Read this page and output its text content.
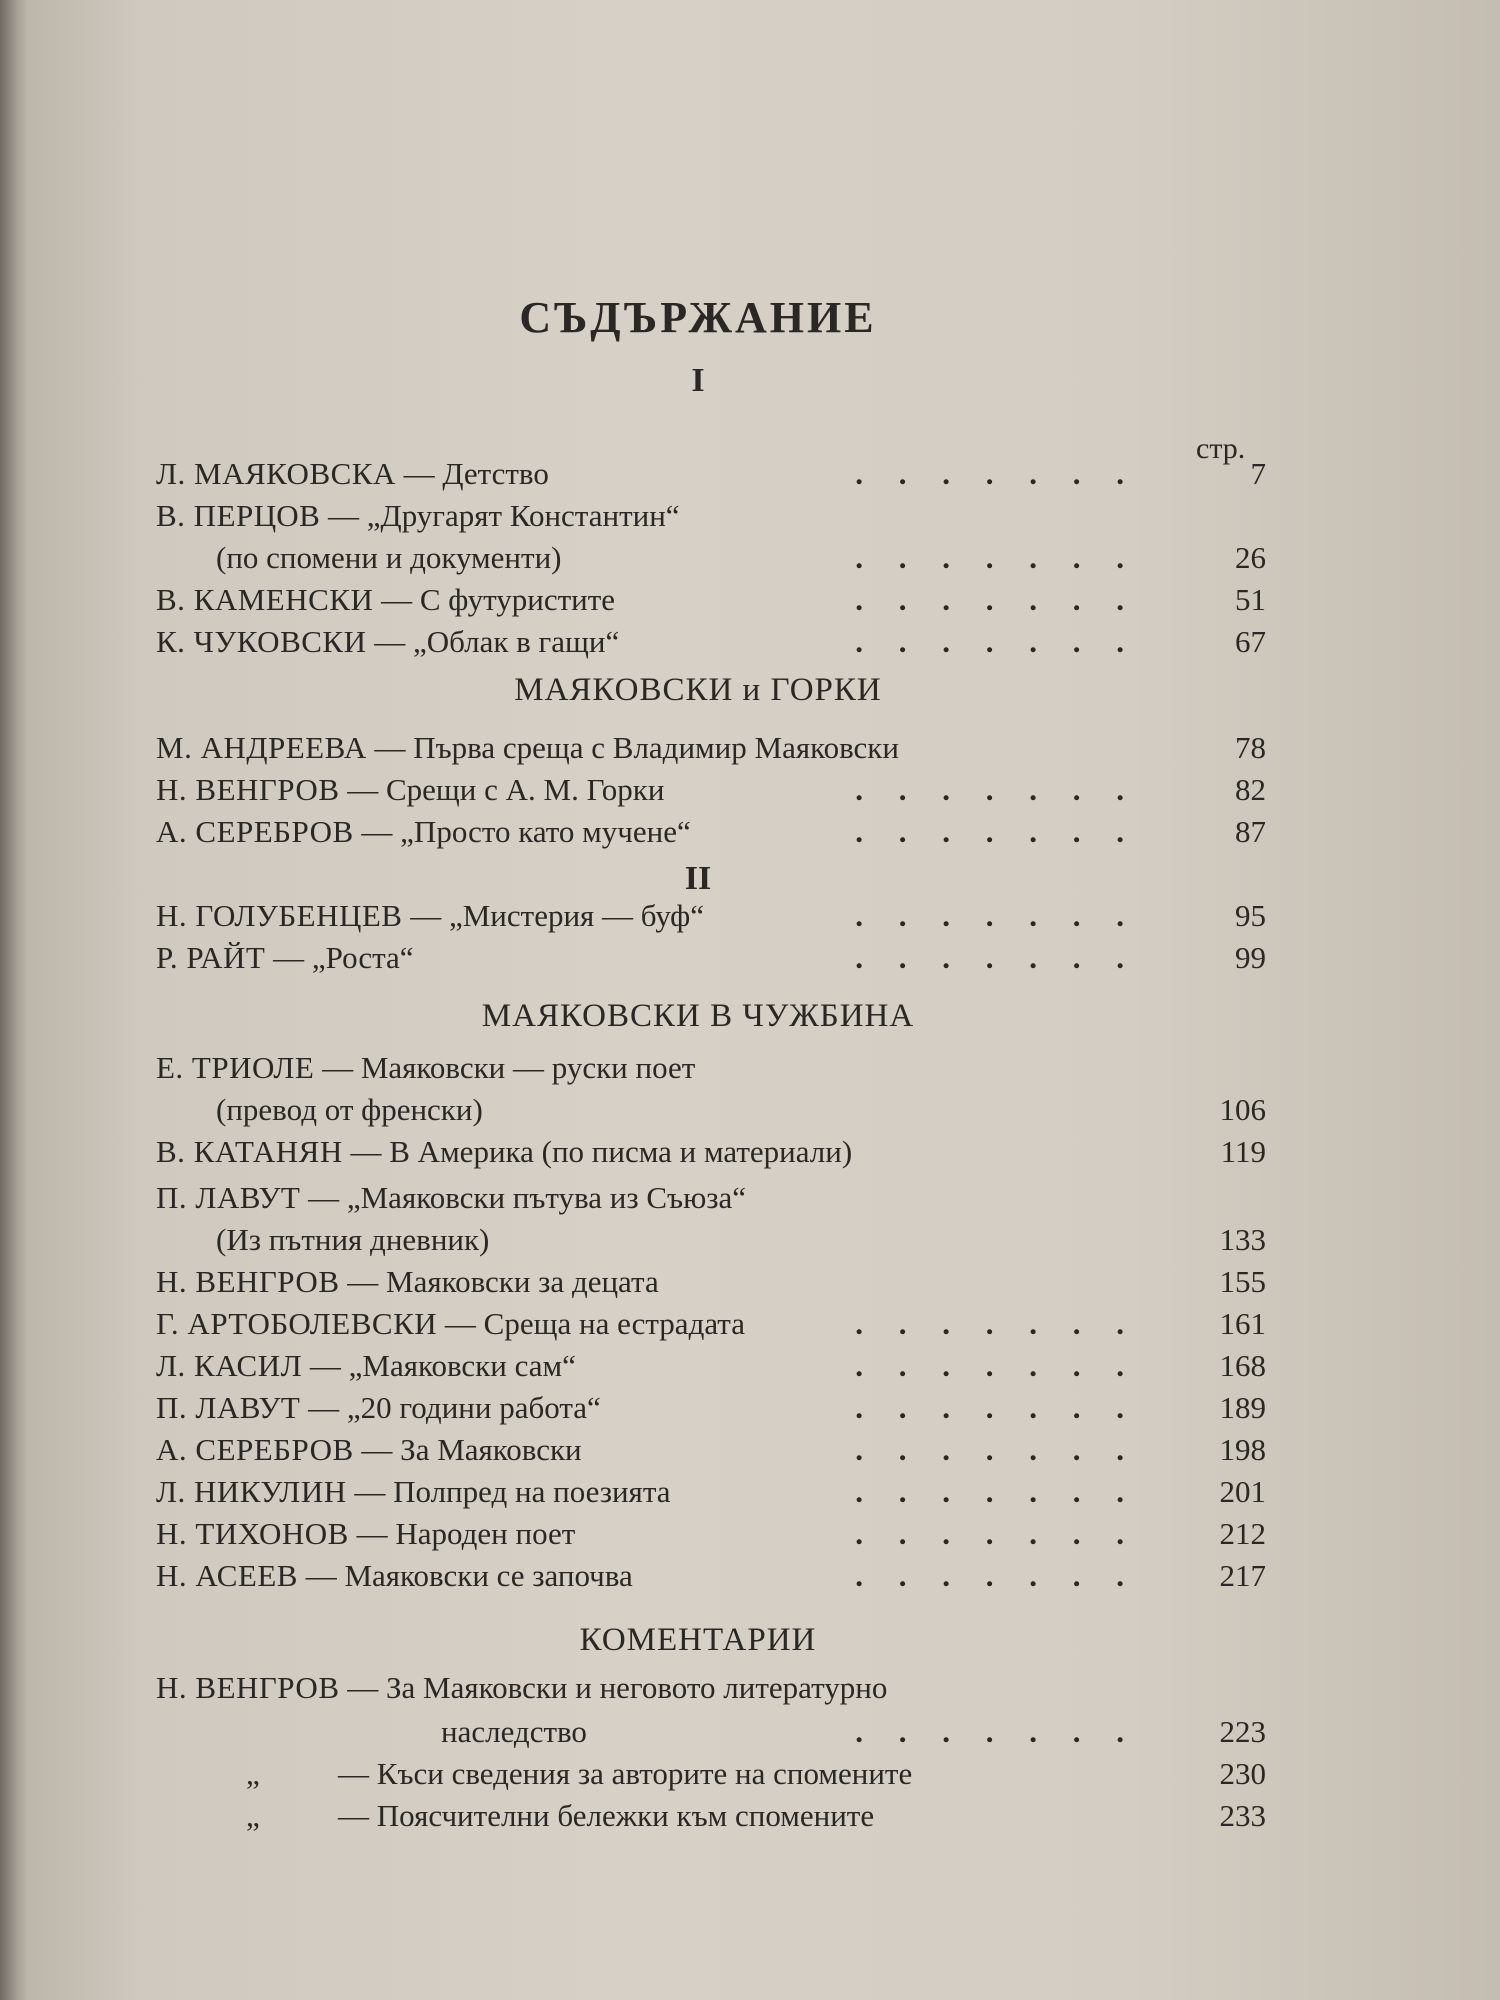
СЪДЪРЖАНИЕ
I
стр.
МАЯКОВСКИ и ГОРКИ
II
МАЯКОВСКИ В ЧУЖБИНА
КОМЕНТАРИИ
Л. МАЯКОВСКА — Детство	. . . . . . .	7
В. ПЕРЦОВ — „Другарят Константин“
(по спомени и документи)	. . . . . . .	26
В. КАМЕНСКИ — С футуристите	. . . . . . .	51
К. ЧУКОВСКИ — „Облак в гащи“	. . . . . . .	67
М. АНДРЕЕВА — Първа среща с Владимир Маяковски	78
Н. ВЕНГРОВ — Срещи с А. М. Горки	. . . . . . .	82
А. СЕРЕБРОВ — „Просто като мучене“	. . . . . . .	87
Н. ГОЛУБЕНЦЕВ — „Мистерия — буф“	. . . . . . .	95
Р. РАЙТ — „Роста“	. . . . . . .	99
Е. ТРИОЛЕ — Маяковски — руски поет
(превод от френски)	106
В. КАТАНЯН — В Америка (по писма и материали)	119
П. ЛАВУТ — „Маяковски пътува из Съюза“
(Из пътния дневник)	133
Н. ВЕНГРОВ — Маяковски за децата	155
Г. АРТОБОЛЕВСКИ — Среща на естрадата	. . . . . . .	161
Л. КАСИЛ — „Маяковски сам“	. . . . . . .	168
П. ЛАВУТ — „20 години работа“	. . . . . . .	189
А. СЕРЕБРОВ — За Маяковски	. . . . . . .	198
Л. НИКУЛИН — Полпред на поезията	. . . . . . .	201
Н. ТИХОНОВ — Народен поет	. . . . . . .	212
Н. АСЕЕВ — Маяковски се започва	. . . . . . .	217
Н. ВЕНГРОВ — За Маяковски и неговото литературно
наследство	. . . . . . .	223
„	— Къси сведения за авторите на спомените	230
„	— Поясчителни бележки към спомените	233
